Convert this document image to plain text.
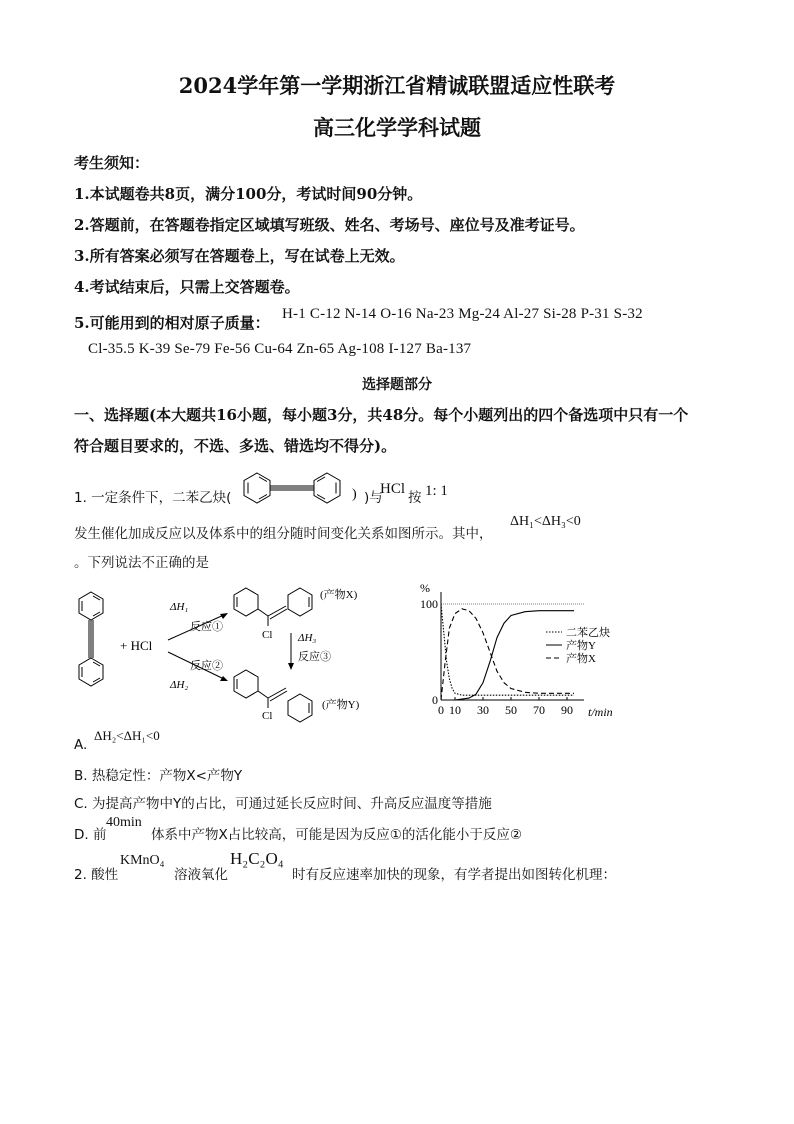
2024学年第一学期浙江省精诚联盟适应性联考
高三化学学科试题
考生须知：
1.本试题卷共8页，满分100分，考试时间90分钟。
2.答题前，在答题卷指定区域填写班级、姓名、考场号、座位号及准考证号。
3.所有答案必须写在答题卷上，写在试卷上无效。
4.考试结束后，只需上交答题卷。
5.可能用到的相对原子质量： H-1 C-12 N-14 O-16 Na-23 Mg-24 Al-27 Si-28 P-31 S-32
Cl-35.5 K-39 Se-79 Fe-56 Cu-64 Zn-65 Ag-108 I-127 Ba-137
选择题部分
一、选择题(本大题共16小题，每小题3分，共48分。每个小题列出的四个备选项中只有一个
符合题目要求的，不选、多选、错选均不得分)。
1. 一定条件下，二苯乙炔(	) )与
HCl
按 1: 1
发生催化加成反应以及体系中的组分随时间变化关系如图所示。其中，
ΔH₁<ΔH₃<0
。下列说法不正确的是
+ HCl
ΔH₁
反应①
反应②
ΔH₂
Cl
(产物X)
ΔH₃
反应③
Cl
(产物Y)
%
0 10 30 50 70 90
0
100
t/min
二苯乙炔
产物Y
产物X
A.
ΔH₂<ΔH₁<0
B. 热稳定性：产物X<产物Y
C. 为提高产物中Y的占比，可通过延长反应时间、升高反应温度等措施
D. 前
40min
体系中产物X占比较高，可能是因为反应①的活化能小于反应②
2. 酸性
KMnO₄
溶液氧化
H₂C₂O₄
时有反应速率加快的现象，有学者提出如图转化机理：
